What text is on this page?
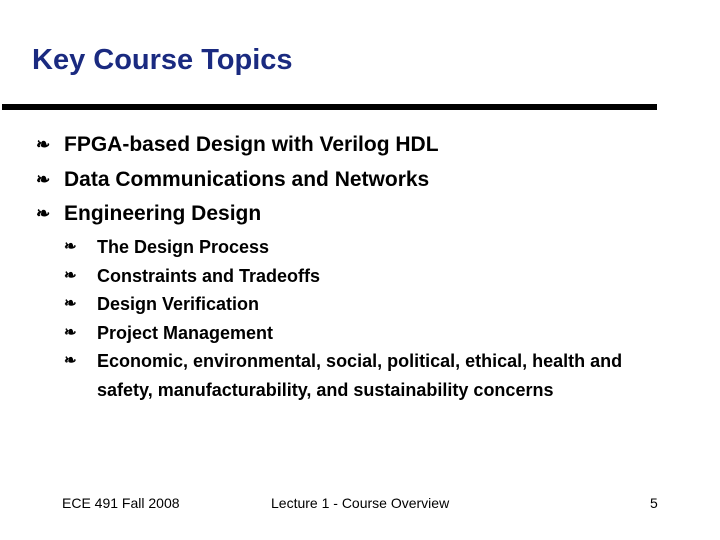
Key Course Topics
❧ FPGA-based Design with Verilog HDL
❧ Data Communications and Networks
❧ Engineering Design
❧	The Design Process
❧	Constraints and Tradeoffs
❧	Design Verification
❧	Project Management
❧	Economic, environmental, social, political, ethical, health and safety, manufacturability, and sustainability concerns
ECE 491 Fall 2008	Lecture 1 - Course Overview	5
